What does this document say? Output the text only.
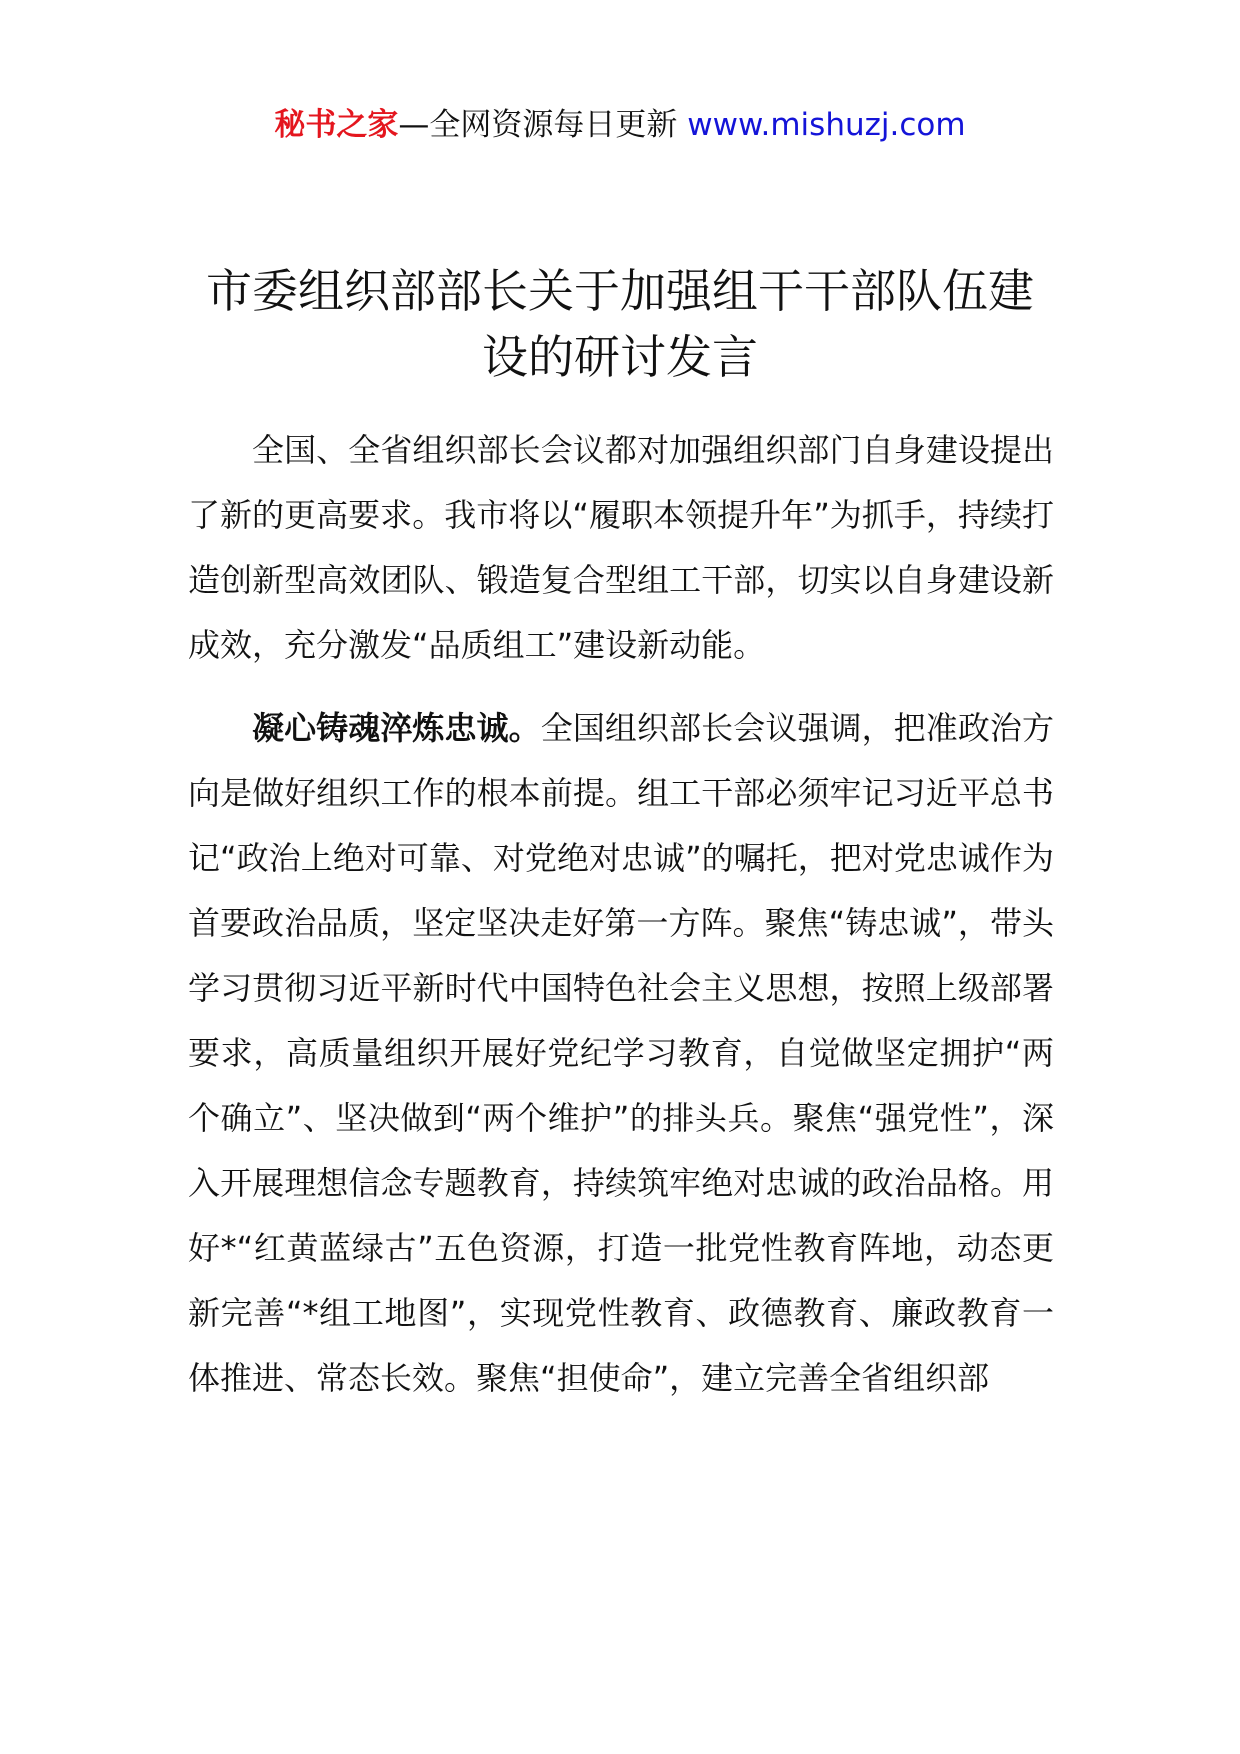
秘书之家—全网资源每日更新 www.mishuzj.com
市委组织部部长关于加强组干干部队伍建设的研讨发言

全国、全省组织部长会议都对加强组织部门自身建设提出了新的更高要求。我市将以“履职本领提升年”为抓手，持续打造创新型高效团队、锻造复合型组工干部，切实以自身建设新成效，充分激发“品质组工”建设新动能。

凝心铸魂淬炼忠诚。全国组织部长会议强调，把准政治方向是做好组织工作的根本前提。组工干部必须牢记习近平总书记“政治上绝对可靠、对党绝对忠诚”的嘱托，把对党忠诚作为首要政治品质，坚定坚决走好第一方阵。聚焦“铸忠诚”，带头学习贯彻习近平新时代中国特色社会主义思想，按照上级部署要求，高质量组织开展好党纪学习教育，自觉做坚定拥护“两个确立”、坚决做到“两个维护”的排头兵。聚焦“强党性”，深入开展理想信念专题教育，持续筑牢绝对忠诚的政治品格。用好*“红黄蓝绿古”五色资源，打造一批党性教育阵地，动态更新完善“*组工地图”，实现党性教育、政德教育、廉政教育一体推进、常态长效。聚焦“担使命”，建立完善全省组织部
